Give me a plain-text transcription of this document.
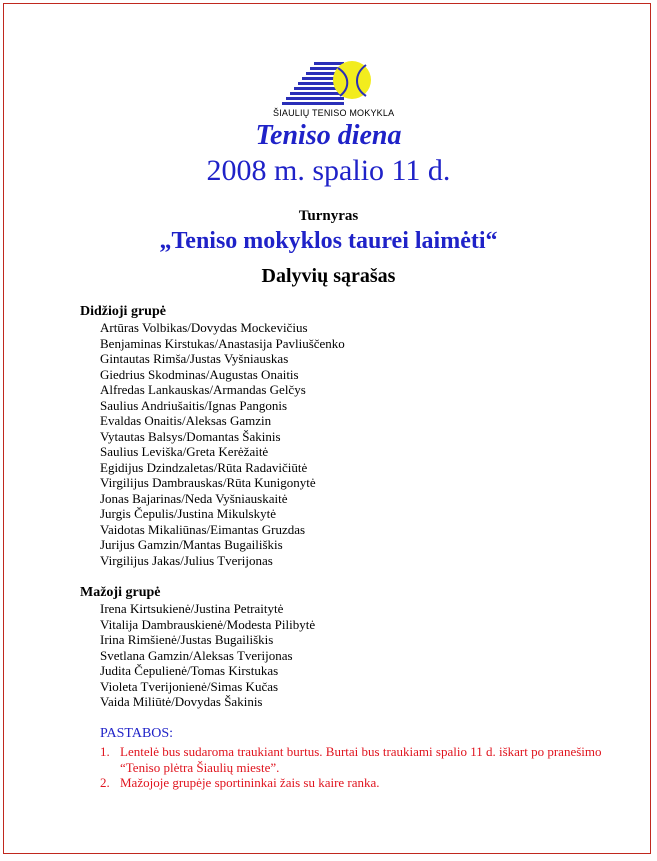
ŠIAULIŲ TENISO MOKYKLA
Teniso diena
2008 m. spalio 11 d.
Turnyras
„Teniso mokyklos taurei laimėti“
Dalyvių sąrašas

Didžioji grupė

Artūras Volbikas/Dovydas Mockevičius
Benjaminas Kirstukas/Anastasija Pavliuščenko
Gintautas Rimša/Justas Vyšniauskas
Giedrius Skodminas/Augustas Onaitis
Alfredas Lankauskas/Armandas Gelčys
Saulius Andriušaitis/Ignas Pangonis
Evaldas Onaitis/Aleksas Gamzin
Vytautas Balsys/Domantas Šakinis
Saulius Leviška/Greta Kerėžaitė
Egidijus Dzindzaletas/Rūta Radavičiūtė
Virgilijus Dambrauskas/Rūta Kunigonytė
Jonas Bajarinas/Neda Vyšniauskaitė
Jurgis Čepulis/Justina Mikulskytė
Vaidotas Mikaliūnas/Eimantas Gruzdas
Jurijus Gamzin/Mantas Bugailiškis
Virgilijus Jakas/Julius Tverijonas

Mažoji grupė

Irena Kirtsukienė/Justina Petraitytė
Vitalija Dambrauskienė/Modesta Pilibytė
Irina Rimšienė/Justas Bugailiškis
Svetlana Gamzin/Aleksas Tverijonas
Judita Čepulienė/Tomas Kirstukas
Violeta Tverijonienė/Simas Kučas
Vaida Miliūtė/Dovydas Šakinis

PASTABOS:

1. Lentelė bus sudaroma traukiant burtus. Burtai bus traukiami spalio 11 d. iškart po pranešimo “Teniso plėtra Šiaulių mieste”.
2. Mažojoje grupėje sportininkai žais su kaire ranka.
